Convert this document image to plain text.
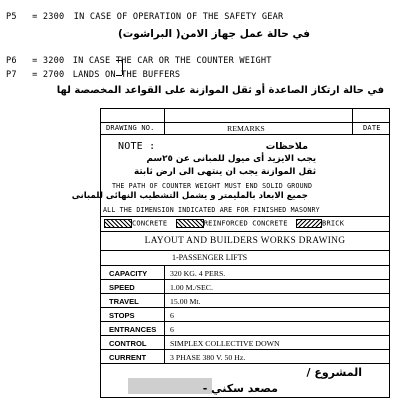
P5 = 2300 IN CASE OF OPERATION OF THE SAFETY GEAR
في حالة عمل جهاز الامن( البراشوت)
P6 = 3200 IN CASE THE CAR OR THE COUNTER WEIGHT
P7 = 2700 LANDS ON THE BUFFERS
في حالة ارتكاز الصاعدة أو ثقل الموازنة على القواعد المخصصة لها
DRAWING NO.	REMARKS	DATE
NOTE :	ملاحظات
يجب الايزيد أى ميول للمبانى عن ٢٥سم
ثقل الموازنة يجب ان ينتهى الى ارض ثابتة
THE PATH OF COUNTER WEIGHT MUST END SOLID GROUND
جميع الابعاد بالمليمتر و يشمل التشطيب النهائى للمبانى
ALL THE DIMENSION INDICATED ARE FOR FINISHED MASONRY
CONCRETE	REINFORCED CONCRETE	BRICK
LAYOUT AND BUILDERS WORKS DRAWING
1-PASSENGER LIFTS
CAPACITY	320 KG. 4 PERS.
SPEED	1.00 M./SEC.
TRAVEL	15.00 Mt.
STOPS	6
ENTRANCES 6
CONTROL	SIMPLEX COLLECTIVE DOWN
CURRENT	3 PHASE 380 V. 50 Hz.
المشروع /
مصعد سكني -
